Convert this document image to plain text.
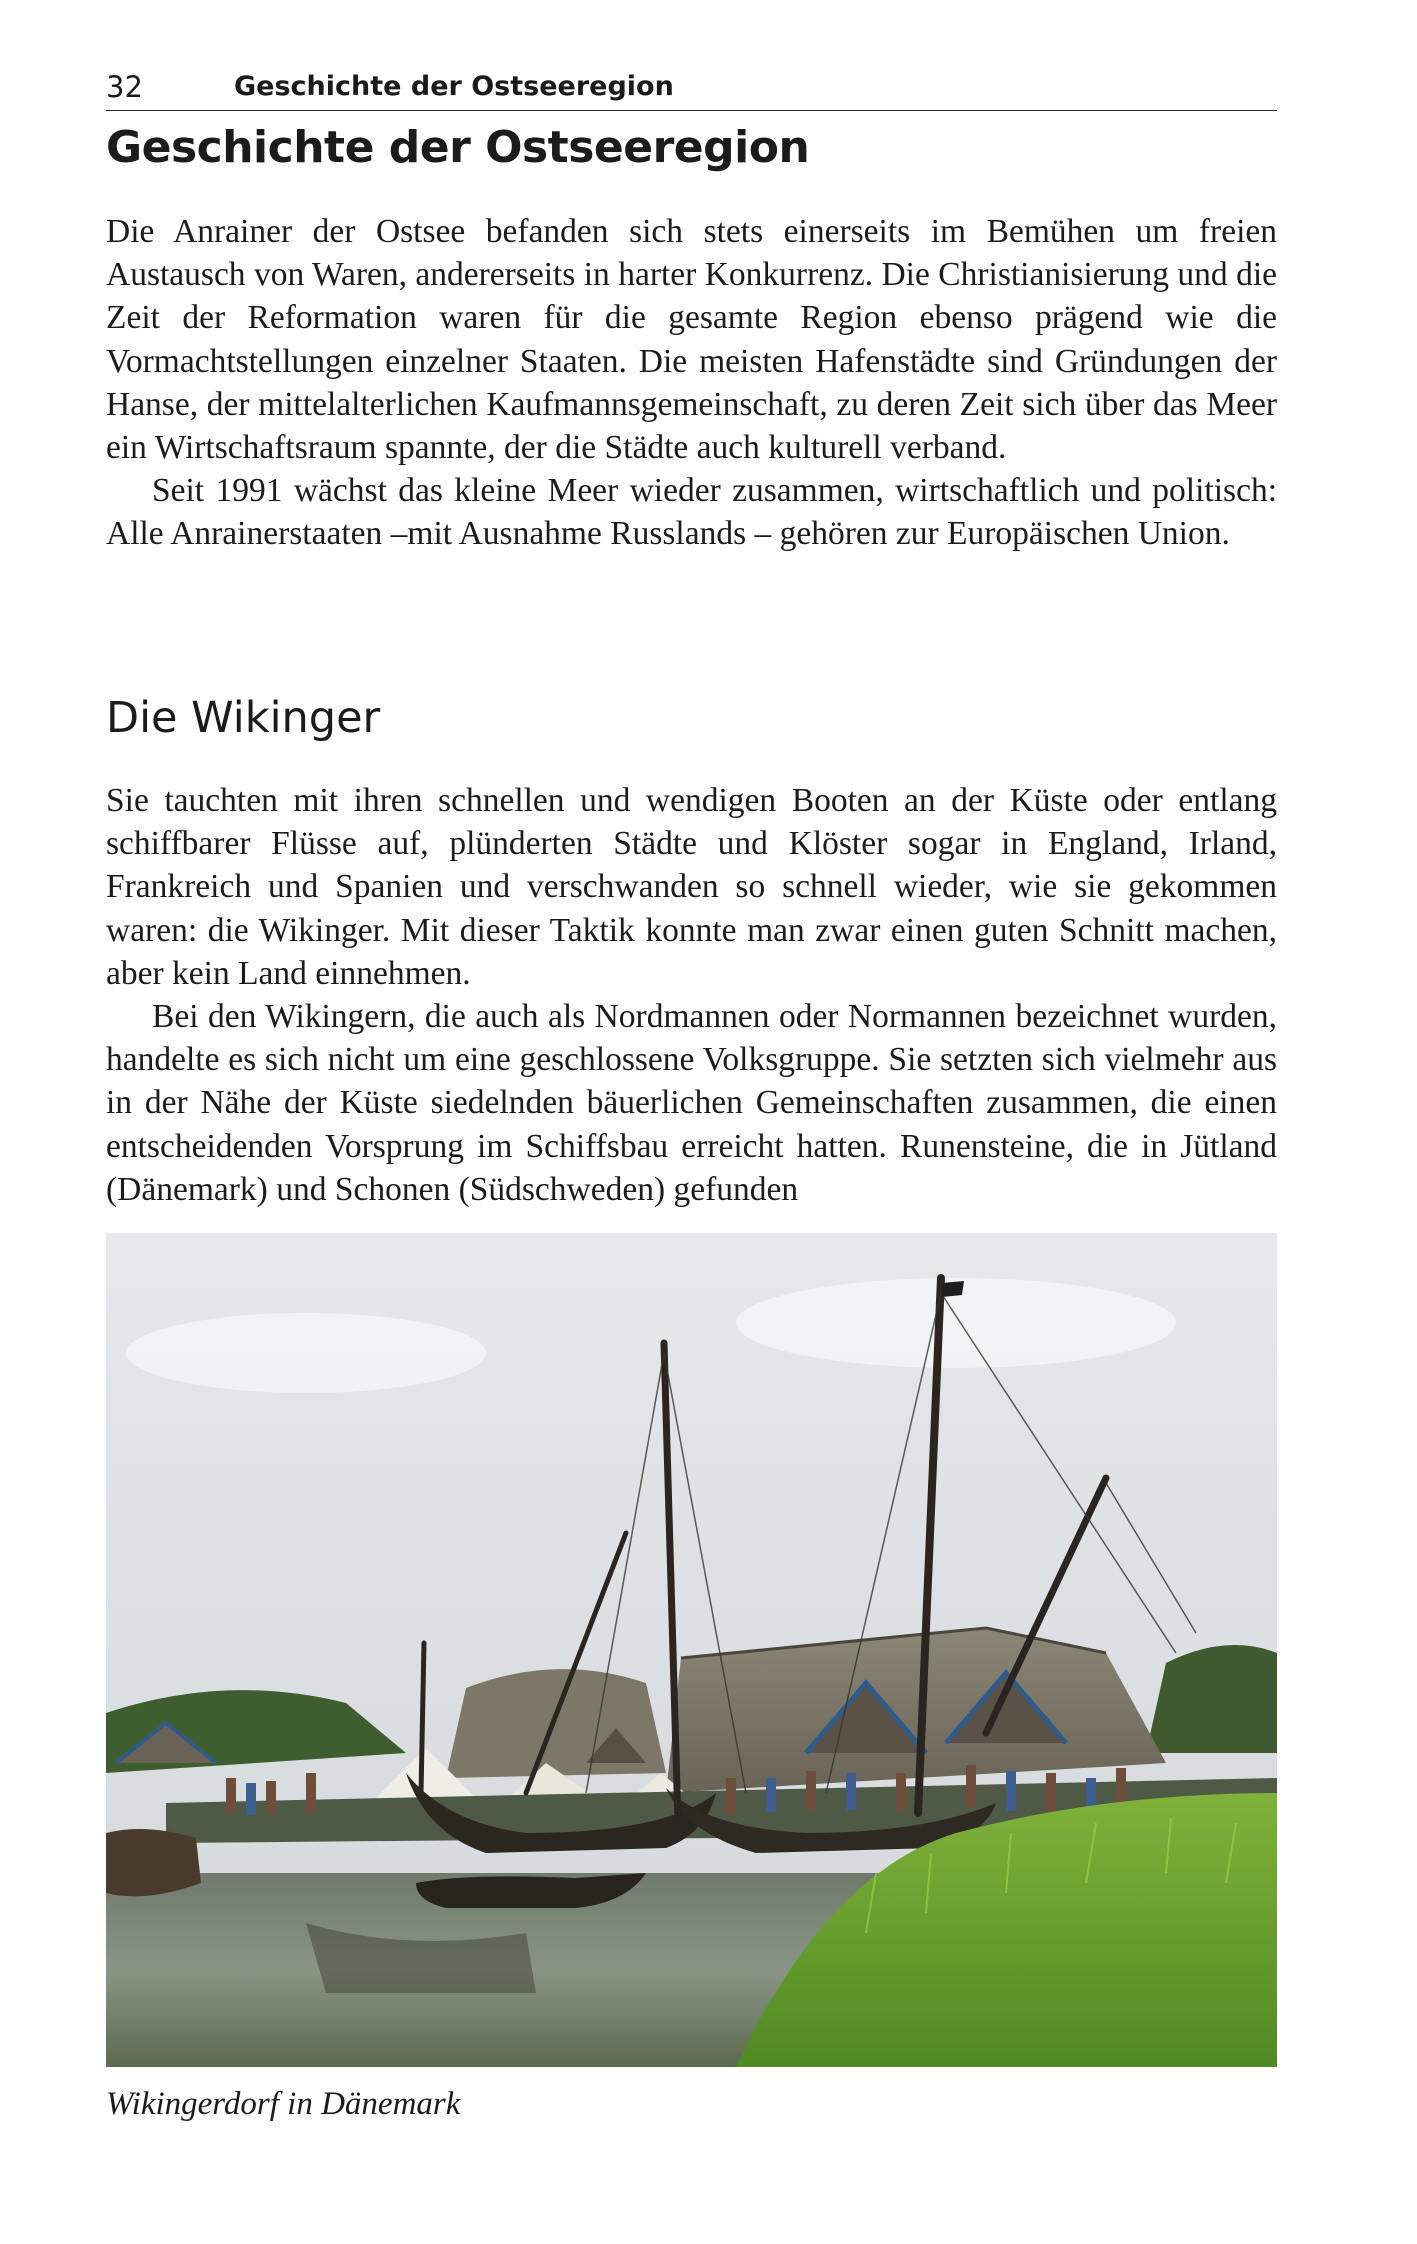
32	Geschichte der Ostseeregion
Geschichte der Ostseeregion

Die Anrainer der Ostsee befanden sich stets einerseits im Bemühen um freien Austausch von Waren, andererseits in harter Konkurrenz. Die Christianisierung und die Zeit der Reformation waren für die gesamte Region ebenso prägend wie die Vormachtstellungen einzelner Staaten. Die meisten Hafenstädte sind Gründungen der Hanse, der mittelalterlichen Kaufmannsgemeinschaft, zu deren Zeit sich über das Meer ein Wirtschaftsraum spannte, der die Städte auch kulturell verband.

Seit 1991 wächst das kleine Meer wieder zusammen, wirtschaftlich und politisch: Alle Anrainerstaaten –mit Ausnahme Russlands – gehören zur Europäischen Union.

Die Wikinger

Sie tauchten mit ihren schnellen und wendigen Booten an der Küste oder entlang schiffbarer Flüsse auf, plünderten Städte und Klöster sogar in England, Irland, Frankreich und Spanien und verschwanden so schnell wieder, wie sie gekommen waren: die Wikinger. Mit dieser Taktik konnte man zwar einen guten Schnitt machen, aber kein Land einnehmen.

Bei den Wikingern, die auch als Nordmannen oder Normannen bezeichnet wurden, handelte es sich nicht um eine geschlossene Volksgruppe. Sie setzten sich vielmehr aus in der Nähe der Küste siedelnden bäuerlichen Gemeinschaften zusammen, die einen entscheidenden Vorsprung im Schiffsbau erreicht hatten. Runensteine, die in Jütland (Dänemark) und Schonen (Südschweden) gefunden

Wikingerdorf in Dänemark
